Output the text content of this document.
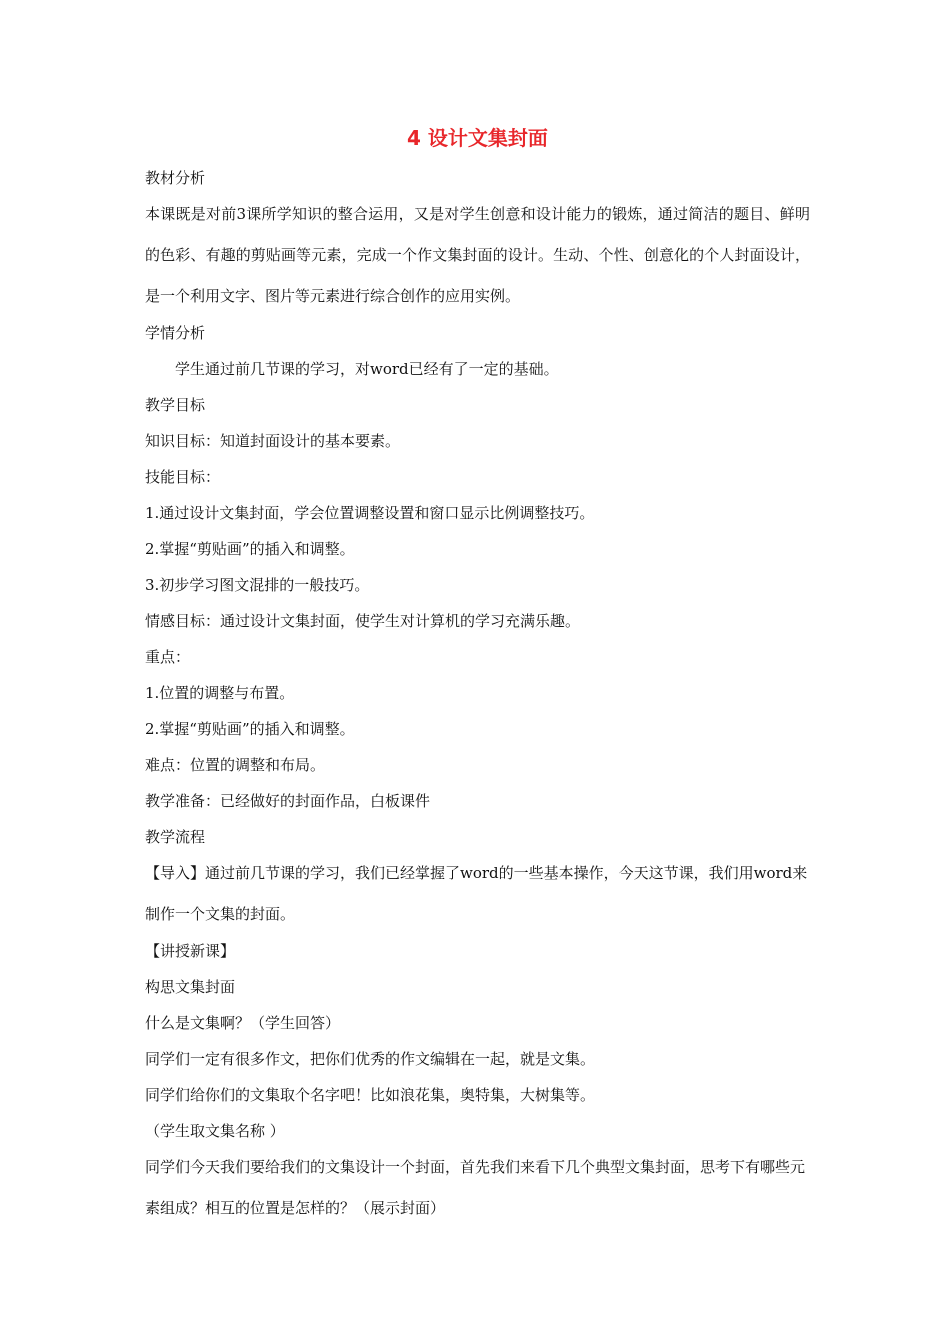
4 设计文集封面

教材分析

本课既是对前3课所学知识的整合运用，又是对学生创意和设计能力的锻炼，通过简洁的题目、鲜明的色彩、有趣的剪贴画等元素，完成一个作文集封面的设计。生动、个性、创意化的个人封面设计，是一个利用文字、图片等元素进行综合创作的应用实例。

学情分析

学生通过前几节课的学习，对word已经有了一定的基础。

教学目标

知识目标：知道封面设计的基本要素。

技能目标：

1.通过设计文集封面，学会位置调整设置和窗口显示比例调整技巧。

2.掌握“剪贴画”的插入和调整。

3.初步学习图文混排的一般技巧。

情感目标：通过设计文集封面，使学生对计算机的学习充满乐趣。

重点：

1.位置的调整与布置。

2.掌握“剪贴画”的插入和调整。

难点：位置的调整和布局。

教学准备：已经做好的封面作品，白板课件

教学流程

【导入】通过前几节课的学习，我们已经掌握了word的一些基本操作，今天这节课，我们用word来制作一个文集的封面。

【讲授新课】

构思文集封面

什么是文集啊？（学生回答）

同学们一定有很多作文，把你们优秀的作文编辑在一起，就是文集。

同学们给你们的文集取个名字吧！比如浪花集，奥特集，大树集等。

（学生取文集名称 ）

同学们今天我们要给我们的文集设计一个封面，首先我们来看下几个典型文集封面，思考下有哪些元素组成？相互的位置是怎样的？（展示封面）
